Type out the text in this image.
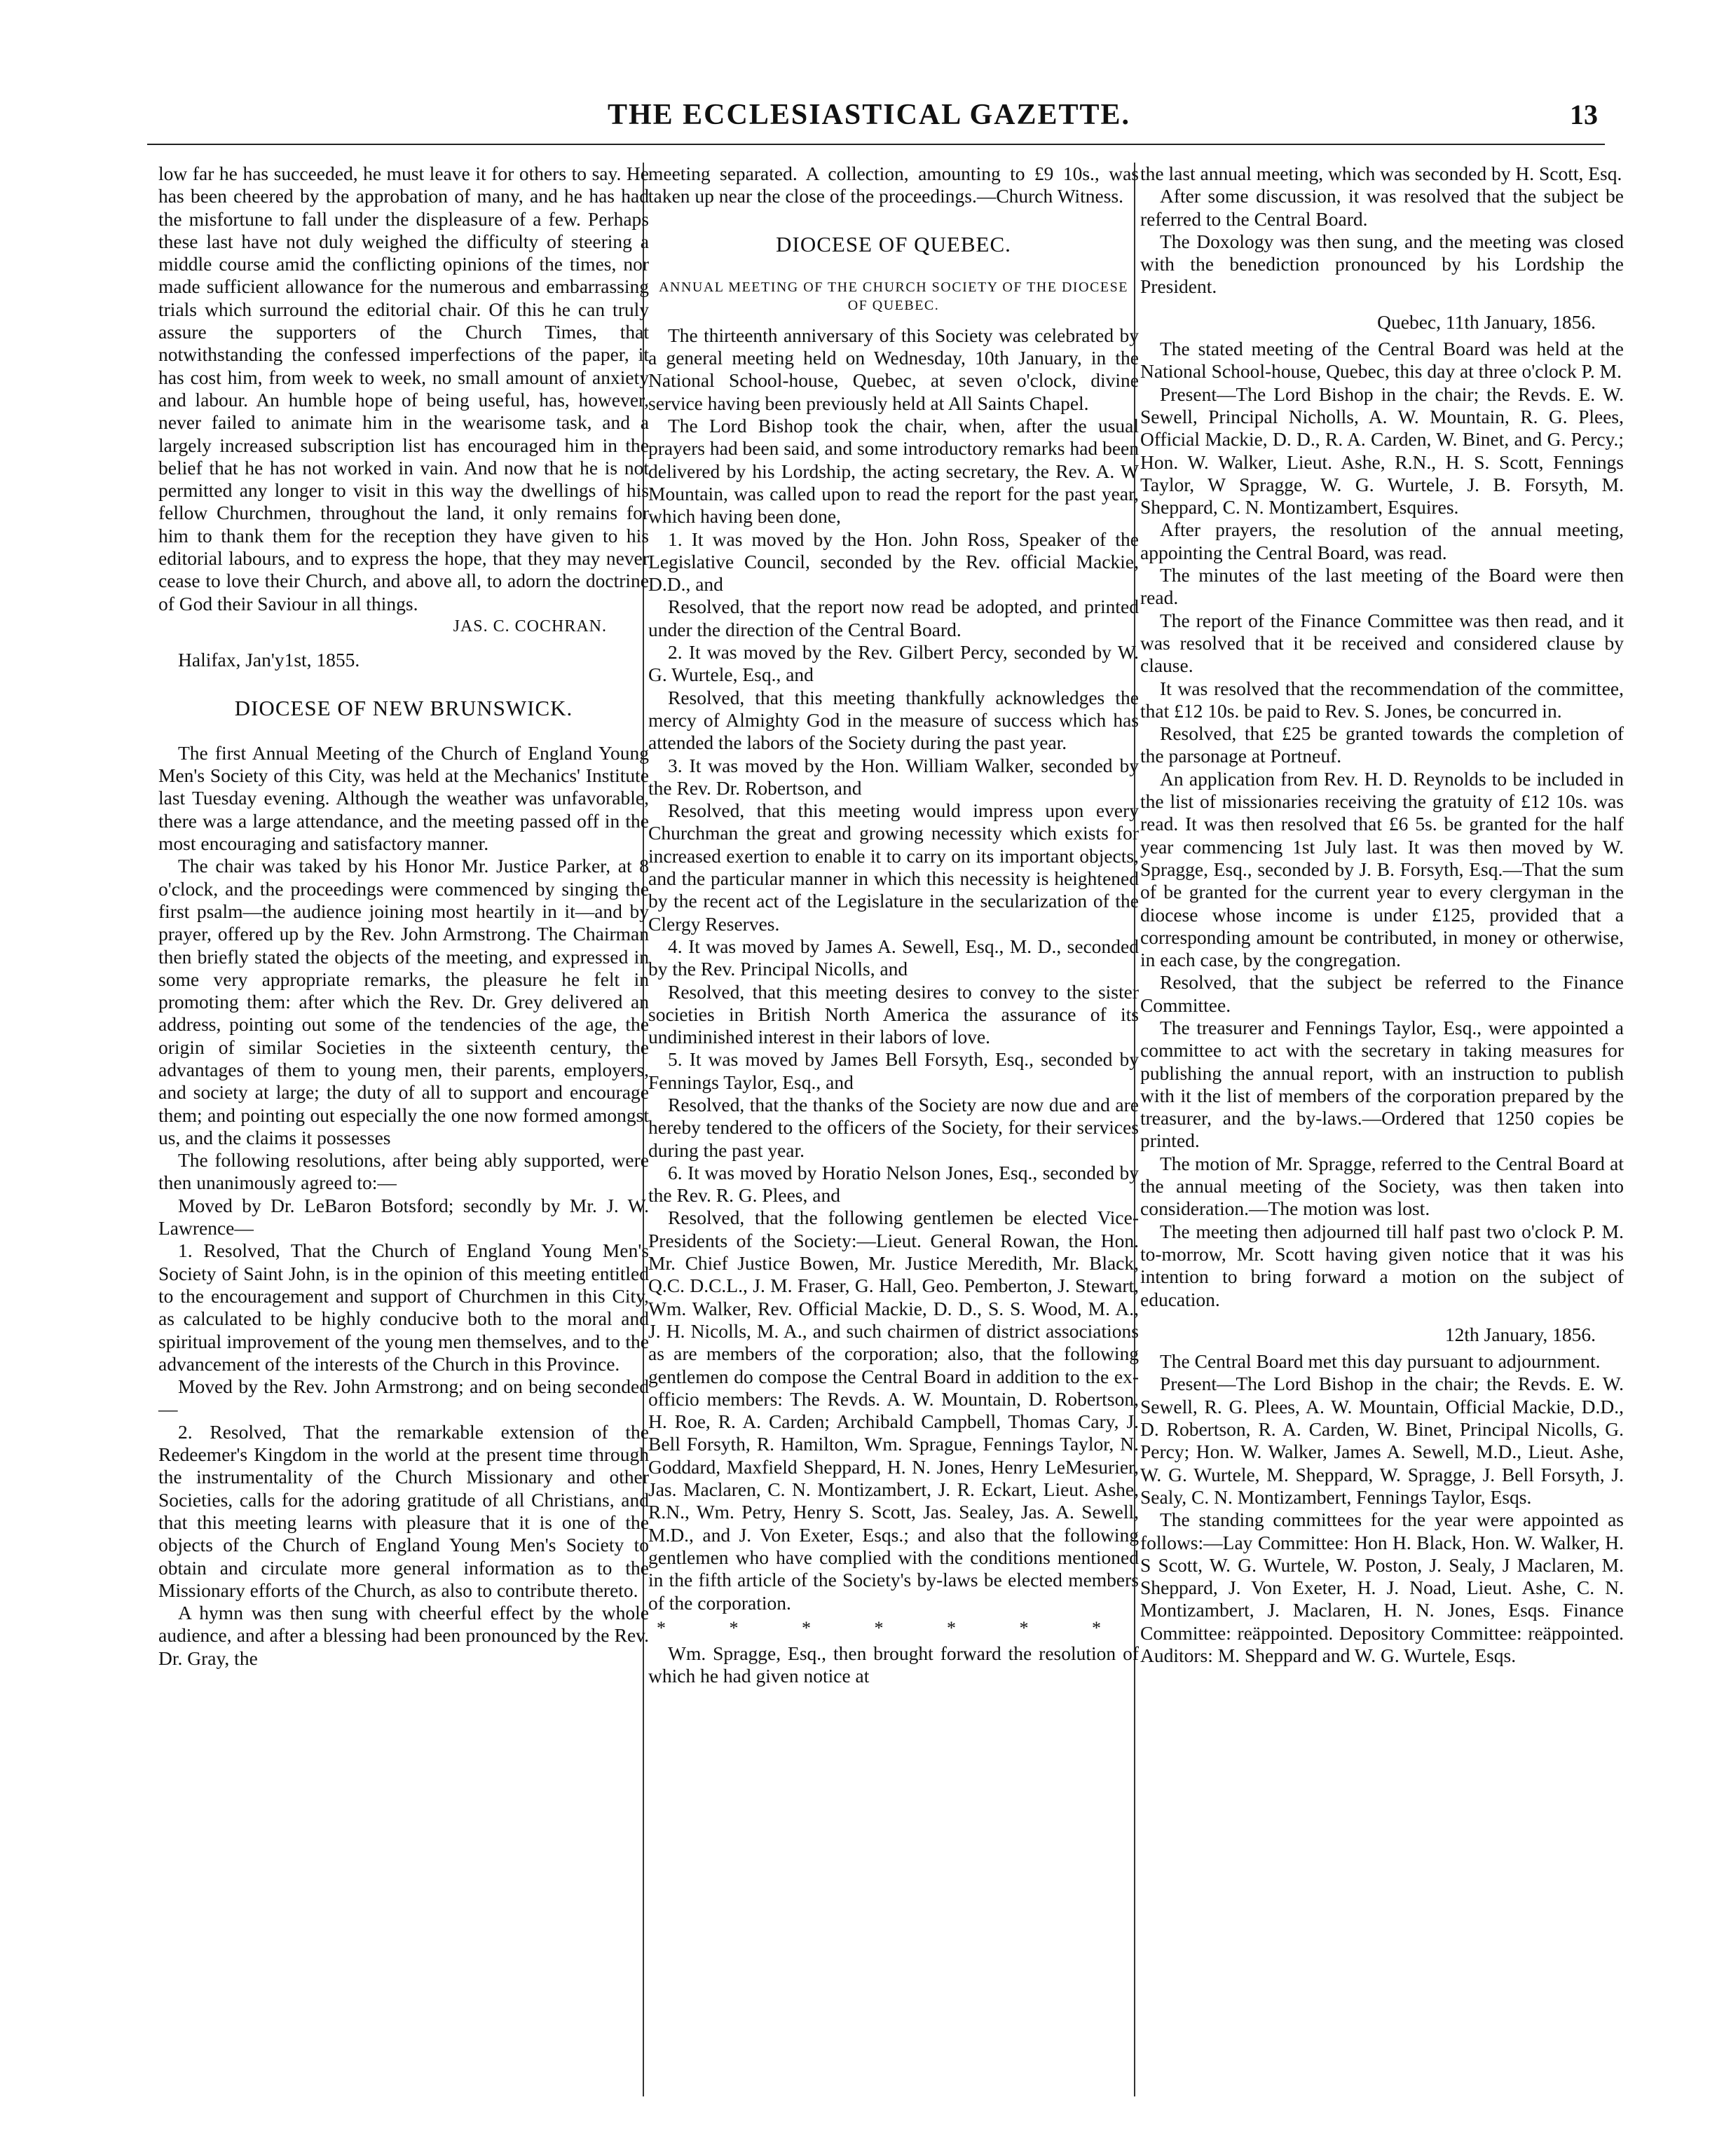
THE ECCLESIASTICAL GAZETTE.	13

low far he has succeeded, he must leave it for others to say. He has been cheered by the approbation of many, and he has had the misfortune to fall under the displeasure of a few. Perhaps these last have not duly weighed the difficulty of steering a middle course amid the conflicting opinions of the times, nor made sufficient allowance for the numerous and embarrassing trials which surround the editorial chair. Of this he can truly assure the supporters of the Church Times, that notwithstanding the confessed imperfections of the paper, it has cost him, from week to week, no small amount of anxiety and labour. An humble hope of being useful, has, however, never failed to animate him in the wearisome task, and a largely increased subscription list has encouraged him in the belief that he has not worked in vain. And now that he is not permitted any longer to visit in this way the dwellings of his fellow Churchmen, throughout the land, it only remains for him to thank them for the reception they have given to his editorial labours, and to express the hope, that they may never cease to love their Church, and above all, to adorn the doctrine of God their Saviour in all things.

JAS. C. COCHRAN.

Halifax, Jan'y1st, 1855.

DIOCESE OF NEW BRUNSWICK.

The first Annual Meeting of the Church of England Young Men's Society of this City, was held at the Mechanics' Institute last Tuesday evening. Although the weather was unfavorable, there was a large attendance, and the meeting passed off in the most encouraging and satisfactory manner.

The chair was taked by his Honor Mr. Justice Parker, at 8 o'clock, and the proceedings were commenced by singing the first psalm—the audience joining most heartily in it—and by prayer, offered up by the Rev. John Armstrong. The Chairman then briefly stated the objects of the meeting, and expressed in some very appropriate remarks, the pleasure he felt in promoting them: after which the Rev. Dr. Grey delivered an address, pointing out some of the tendencies of the age, the origin of similar Societies in the sixteenth century, the advantages of them to young men, their parents, employers, and society at large; the duty of all to support and encourage them; and pointing out especially the one now formed amongst us, and the claims it possesses

The following resolutions, after being ably supported, were then unanimously agreed to:—

Moved by Dr. LeBaron Botsford; secondly by Mr. J. W. Lawrence—

1. Resolved, That the Church of England Young Men's Society of Saint John, is in the opinion of this meeting entitled to the encouragement and support of Churchmen in this City, as calculated to be highly conducive both to the moral and spiritual improvement of the young men themselves, and to the advancement of the interests of the Church in this Province.

Moved by the Rev. John Armstrong; and on being seconded—

2. Resolved, That the remarkable extension of the Redeemer's Kingdom in the world at the present time through the instrumentality of the Church Missionary and other Societies, calls for the adoring gratitude of all Christians, and that this meeting learns with pleasure that it is one of the objects of the Church of England Young Men's Society to obtain and circulate more general information as to the Missionary efforts of the Church, as also to contribute thereto.

A hymn was then sung with cheerful effect by the whole audience, and after a blessing had been pronounced by the Rev. Dr. Gray, the

meeting separated. A collection, amounting to £9 10s., was taken up near the close of the proceedings.—Church Witness.

DIOCESE OF QUEBEC.

ANNUAL MEETING OF THE CHURCH SOCIETY OF THE DIOCESE OF QUEBEC.

The thirteenth anniversary of this Society was celebrated by a general meeting held on Wednesday, 10th January, in the National School-house, Quebec, at seven o'clock, divine service having been previously held at All Saints Chapel.

The Lord Bishop took the chair, when, after the usual prayers had been said, and some introductory remarks had been delivered by his Lordship, the acting secretary, the Rev. A. W Mountain, was called upon to read the report for the past year, which having been done,

1. It was moved by the Hon. John Ross, Speaker of the Legislative Council, seconded by the Rev. official Mackie, D.D., and

Resolved, that the report now read be adopted, and printed under the direction of the Central Board.

2. It was moved by the Rev. Gilbert Percy, seconded by W. G. Wurtele, Esq., and

Resolved, that this meeting thankfully acknowledges the mercy of Almighty God in the measure of success which has attended the labors of the Society during the past year.

3. It was moved by the Hon. William Walker, seconded by the Rev. Dr. Robertson, and

Resolved, that this meeting would impress upon every Churchman the great and growing necessity which exists for increased exertion to enable it to carry on its important objects, and the particular manner in which this necessity is heightened by the recent act of the Legislature in the secularization of the Clergy Reserves.

4. It was moved by James A. Sewell, Esq., M. D., seconded by the Rev. Principal Nicolls, and

Resolved, that this meeting desires to convey to the sister societies in British North America the assurance of its undiminished interest in their labors of love.

5. It was moved by James Bell Forsyth, Esq., seconded by Fennings Taylor, Esq., and

Resolved, that the thanks of the Society are now due and are hereby tendered to the officers of the Society, for their services during the past year.

6. It was moved by Horatio Nelson Jones, Esq., seconded by the Rev. R. G. Plees, and

Resolved, that the following gentlemen be elected Vice-Presidents of the Society:—Lieut. General Rowan, the Hon. Mr. Chief Justice Bowen, Mr. Justice Meredith, Mr. Black, Q.C. D.C.L., J. M. Fraser, G. Hall, Geo. Pemberton, J. Stewart, Wm. Walker, Rev. Official Mackie, D. D., S. S. Wood, M. A., J. H. Nicolls, M. A., and such chairmen of district associations as are members of the corporation; also, that the following gentlemen do compose the Central Board in addition to the ex-officio members: The Revds. A. W. Mountain, D. Robertson, H. Roe, R. A. Carden; Archibald Campbell, Thomas Cary, J. Bell Forsyth, R. Hamilton, Wm. Sprague, Fennings Taylor, N. Goddard, Maxfield Sheppard, H. N. Jones, Henry LeMesurier, Jas. Maclaren, C. N. Montizambert, J. R. Eckart, Lieut. Ashe, R.N., Wm. Petry, Henry S. Scott, Jas. Sealey, Jas. A. Sewell, M.D., and J. Von Exeter, Esqs.; and also that the following gentlemen who have complied with the conditions mentioned in the fifth article of the Society's by-laws be elected members of the corporation.

* * * * * * *

Wm. Spragge, Esq., then brought forward the resolution of which he had given notice at

the last annual meeting, which was seconded by H. Scott, Esq.

After some discussion, it was resolved that the subject be referred to the Central Board.

The Doxology was then sung, and the meeting was closed with the benediction pronounced by his Lordship the President.

Quebec, 11th January, 1856.

The stated meeting of the Central Board was held at the National School-house, Quebec, this day at three o'clock P. M.

Present—The Lord Bishop in the chair; the Revds. E. W. Sewell, Principal Nicholls, A. W. Mountain, R. G. Plees, Official Mackie, D. D., R. A. Carden, W. Binet, and G. Percy.; Hon. W. Walker, Lieut. Ashe, R.N., H. S. Scott, Fennings Taylor, W Spragge, W. G. Wurtele, J. B. Forsyth, M. Sheppard, C. N. Montizambert, Esquires.

After prayers, the resolution of the annual meeting, appointing the Central Board, was read.

The minutes of the last meeting of the Board were then read.

The report of the Finance Committee was then read, and it was resolved that it be received and considered clause by clause.

It was resolved that the recommendation of the committee, that £12 10s. be paid to Rev. S. Jones, be concurred in.

Resolved, that £25 be granted towards the completion of the parsonage at Portneuf.

An application from Rev. H. D. Reynolds to be included in the list of missionaries receiving the gratuity of £12 10s. was read. It was then resolved that £6 5s. be granted for the half year commencing 1st July last. It was then moved by W. Spragge, Esq., seconded by J. B. Forsyth, Esq.—That the sum of be granted for the current year to every clergyman in the diocese whose income is under £125, provided that a corresponding amount be contributed, in money or otherwise, in each case, by the congregation.

Resolved, that the subject be referred to the Finance Committee.

The treasurer and Fennings Taylor, Esq., were appointed a committee to act with the secretary in taking measures for publishing the annual report, with an instruction to publish with it the list of members of the corporation prepared by the treasurer, and the by-laws.—Ordered that 1250 copies be printed.

The motion of Mr. Spragge, referred to the Central Board at the annual meeting of the Society, was then taken into consideration.—The motion was lost.

The meeting then adjourned till half past two o'clock P. M. to-morrow, Mr. Scott having given notice that it was his intention to bring forward a motion on the subject of education.

12th January, 1856.

The Central Board met this day pursuant to adjournment.

Present—The Lord Bishop in the chair; the Revds. E. W. Sewell, R. G. Plees, A. W. Mountain, Official Mackie, D.D., D. Robertson, R. A. Carden, W. Binet, Principal Nicolls, G. Percy; Hon. W. Walker, James A. Sewell, M.D., Lieut. Ashe, W. G. Wurtele, M. Sheppard, W. Spragge, J. Bell Forsyth, J. Sealy, C. N. Montizambert, Fennings Taylor, Esqs.

The standing committees for the year were appointed as follows:—Lay Committee: Hon H. Black, Hon. W. Walker, H. S Scott, W. G. Wurtele, W. Poston, J. Sealy, J Maclaren, M. Sheppard, J. Von Exeter, H. J. Noad, Lieut. Ashe, C. N. Montizambert, J. Maclaren, H. N. Jones, Esqs. Finance Committee: reäppointed. Depository Committee: reäppointed. Auditors: M. Sheppard and W. G. Wurtele, Esqs.
